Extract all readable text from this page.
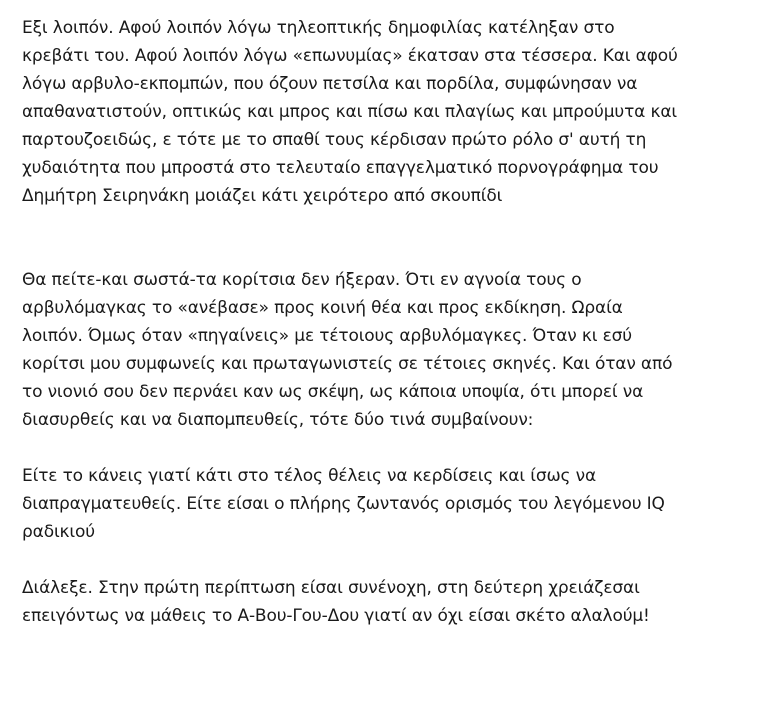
Εξι λοιπόν. Αφού λοιπόν λόγω τηλεοπτικής δημοφιλίας κατέληξαν στο
κρεβάτι του. Αφού λοιπόν λόγω «επωνυμίας» έκατσαν στα τέσσερα. Και αφού
λόγω αρβυλο-εκπομπών, που όζουν πετσίλα και πορδίλα, συμφώνησαν να
απαθανατιστούν, οπτικώς και μπρος και πίσω και πλαγίως και μπρούμυτα και
παρτουζοειδώς, ε τότε με το σπαθί τους κέρδισαν πρώτο ρόλο σ' αυτή τη
χυδαιότητα που μπροστά στο τελευταίο επαγγελματικό πορνογράφημα του
Δημήτρη Σειρηνάκη μοιάζει κάτι χειρότερο από σκουπίδι

Θα πείτε-και σωστά-τα κορίτσια δεν ήξεραν. Ότι εν αγνοία τους ο
αρβυλόμαγκας το «ανέβασε» προς κοινή θέα και προς εκδίκηση. Ωραία
λοιπόν. Όμως όταν «πηγαίνεις» με τέτοιους αρβυλόμαγκες. Όταν κι εσύ
κορίτσι μου συμφωνείς και πρωταγωνιστείς σε τέτοιες σκηνές. Και όταν από
το νιονιό σου δεν περνάει καν ως σκέψη, ως κάποια υποψία, ότι μπορεί να
διασυρθείς και να διαπομπευθείς, τότε δύο τινά συμβαίνουν:

Είτε το κάνεις γιατί κάτι στο τέλος θέλεις να κερδίσεις και ίσως να
διαπραγματευθείς. Είτε είσαι ο πλήρης ζωντανός ορισμός του λεγόμενου IQ
ραδικιού

Διάλεξε. Στην πρώτη περίπτωση είσαι συνένοχη, στη δεύτερη χρειάζεσαι
επειγόντως να μάθεις το Α-Βου-Γου-Δου γιατί αν όχι είσαι σκέτο αλαλούμ!
